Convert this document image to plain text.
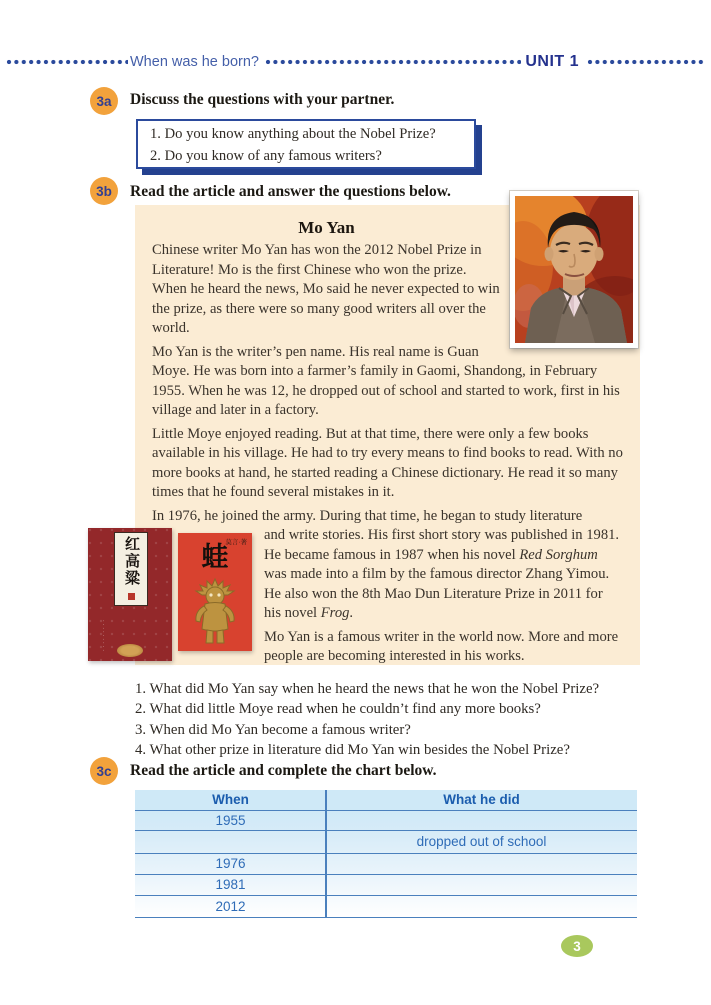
When was he born?	UNIT 1
3a Discuss the questions with your partner.
1. Do you know anything about the Nobel Prize?
2. Do you know of any famous writers?
3b Read the article and answer the questions below.
Mo Yan

Chinese writer Mo Yan has won the 2012 Nobel Prize in Literature! Mo is the first Chinese who won the prize. When he heard the news, Mo said he never expected to win the prize, as there were so many good writers all over the world.

Mo Yan is the writer’s pen name. His real name is Guan Moye. He was born into a farmer’s family in Gaomi, Shandong, in February 1955. When he was 12, he dropped out of school and started to work, first in his village and later in a factory.

Little Moye enjoyed reading. But at that time, there were only a few books available in his village. He had to try every means to find books to read. With no more books at hand, he started reading a Chinese dictionary. He read it so many times that he found several mistakes in it.

In 1976, he joined the army. During that time, he began to study literature

and write stories. His first short story was published in 1981. He became famous in 1987 when his novel Red Sorghum was made into a film by the famous director Zhang Yimou. He also won the 8th Mao Dun Literature Prize in 2011 for his novel Frog.

Mo Yan is a famous writer in the world now. More and more people are becoming interested in his works.

红高粱
·········
莫言·著
蛙
1. What did Mo Yan say when he heard the news that he won the Nobel Prize?
2. What did little Moye read when he couldn’t find any more books?
3. When did Mo Yan become a famous writer?
4. What other prize in literature did Mo Yan win besides the Nobel Prize?
3c Read the article and complete the chart below.
When	What he did
1955
dropped out of school
1976
1981
2012
3
